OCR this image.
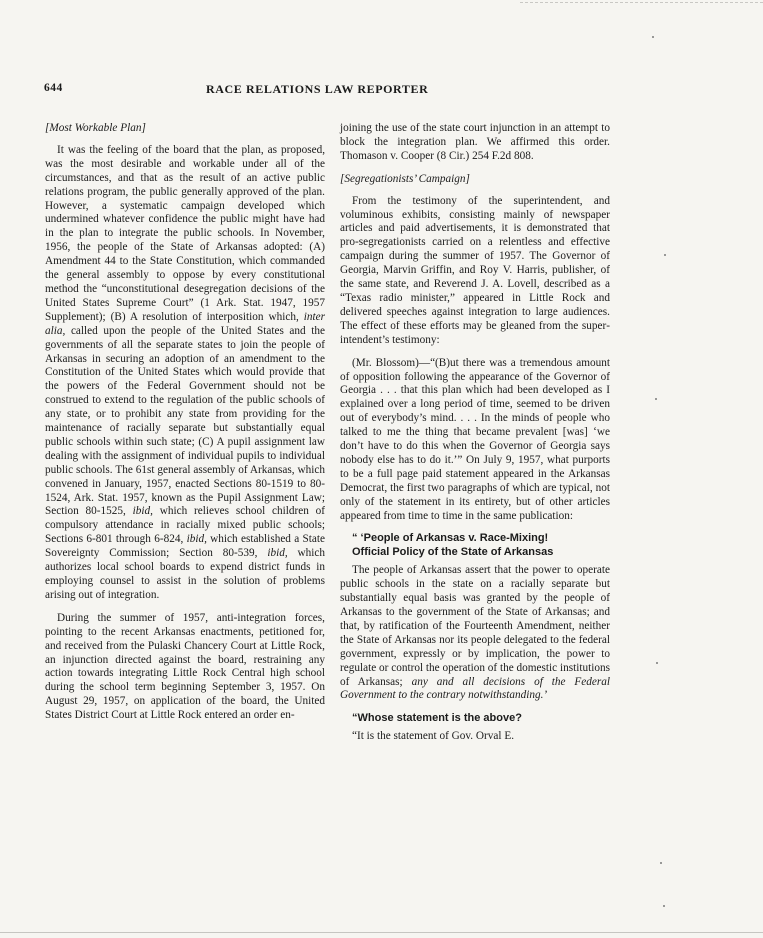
644	RACE RELATIONS LAW REPORTER

[Most Workable Plan]

It was the feeling of the board that the plan, as proposed, was the most desirable and workable under all of the circumstances, and that as the result of an active public relations program, the public generally approved of the plan. However, a systematic campaign developed which undermined whatever confidence the public might have had in the plan to integrate the public schools. In November, 1956, the people of the State of Arkansas adopted: (A) Amendment 44 to the State Constitution, which commanded the general assembly to oppose by every constitutional method the “unconstitutional desegregation decisions of the United States Supreme Court” (1 Ark. Stat. 1947, 1957 Supplement); (B) A resolution of interposition which, inter alia, called upon the people of the United States and the governments of all the separate states to join the people of Arkansas in securing an adoption of an amendment to the Constitution of the United States which would provide that the powers of the Federal Government should not be construed to extend to the regulation of the public schools of any state, or to prohibit any state from providing for the maintenance of racially separate but substantially equal public schools within such state; (C) A pupil assignment law dealing with the assignment of individual pupils to individual public schools. The 61st general assembly of Arkansas, which convened in January, 1957, enacted Sections 80-1519 to 80-1524, Ark. Stat. 1957, known as the Pupil Assignment Law; Section 80-1525, ibid, which relieves school children of compulsory attendance in racially mixed public schools; Sections 6-801 through 6-824, ibid, which established a State Sovereignty Commission; Section 80-539, ibid, which authorizes local school boards to expend district funds in employing counsel to assist in the solution of problems arising out of integration.

During the summer of 1957, anti-integration forces, pointing to the recent Arkansas enactments, petitioned for, and received from the Pulaski Chancery Court at Little Rock, an injunction directed against the board, restraining any action towards integrating Little Rock Central high school during the school term beginning September 3, 1957. On August 29, 1957, on application of the board, the United States District Court at Little Rock entered an order en-

joining the use of the state court injunction in an attempt to block the integration plan. We affirmed this order. Thomason v. Cooper (8 Cir.) 254 F.2d 808.

[Segregationists’ Campaign]

From the testimony of the superintendent, and voluminous exhibits, consisting mainly of newspaper articles and paid advertisements, it is demonstrated that pro-segregationists carried on a relentless and effective campaign during the summer of 1957. The Governor of Georgia, Marvin Griffin, and Roy V. Harris, publisher, of the same state, and Reverend J. A. Lovell, described as a “Texas radio minister,” appeared in Little Rock and delivered speeches against integration to large audiences. The effect of these efforts may be gleaned from the superintendent’s testimony:

(Mr. Blossom)—“(B)ut there was a tremendous amount of opposition following the appearance of the Governor of Georgia . . . that this plan which had been developed as I explained over a long period of time, seemed to be driven out of everybody’s mind. . . . In the minds of people who talked to me the thing that became prevalent [was] ‘we don’t have to do this when the Governor of Georgia says nobody else has to do it.’” On July 9, 1957, what purports to be a full page paid statement appeared in the Arkansas Democrat, the first two paragraphs of which are typical, not only of the statement in its entirety, but of other articles appeared from time to time in the same publication:

“ ‘People of Arkansas v. Race-Mixing!

Official Policy of the State of Arkansas

The people of Arkansas assert that the power to operate public schools in the state on a racially separate but substantially equal basis was granted by the people of Arkansas to the government of the State of Arkansas; and that, by ratification of the Fourteenth Amendment, neither the State of Arkansas nor its people delegated to the federal government, expressly or by implication, the power to regulate or control the operation of the domestic institutions of Arkansas; any and all decisions of the Federal Government to the contrary notwithstanding.’

“Whose statement is the above?

“It is the statement of Gov. Orval E.
